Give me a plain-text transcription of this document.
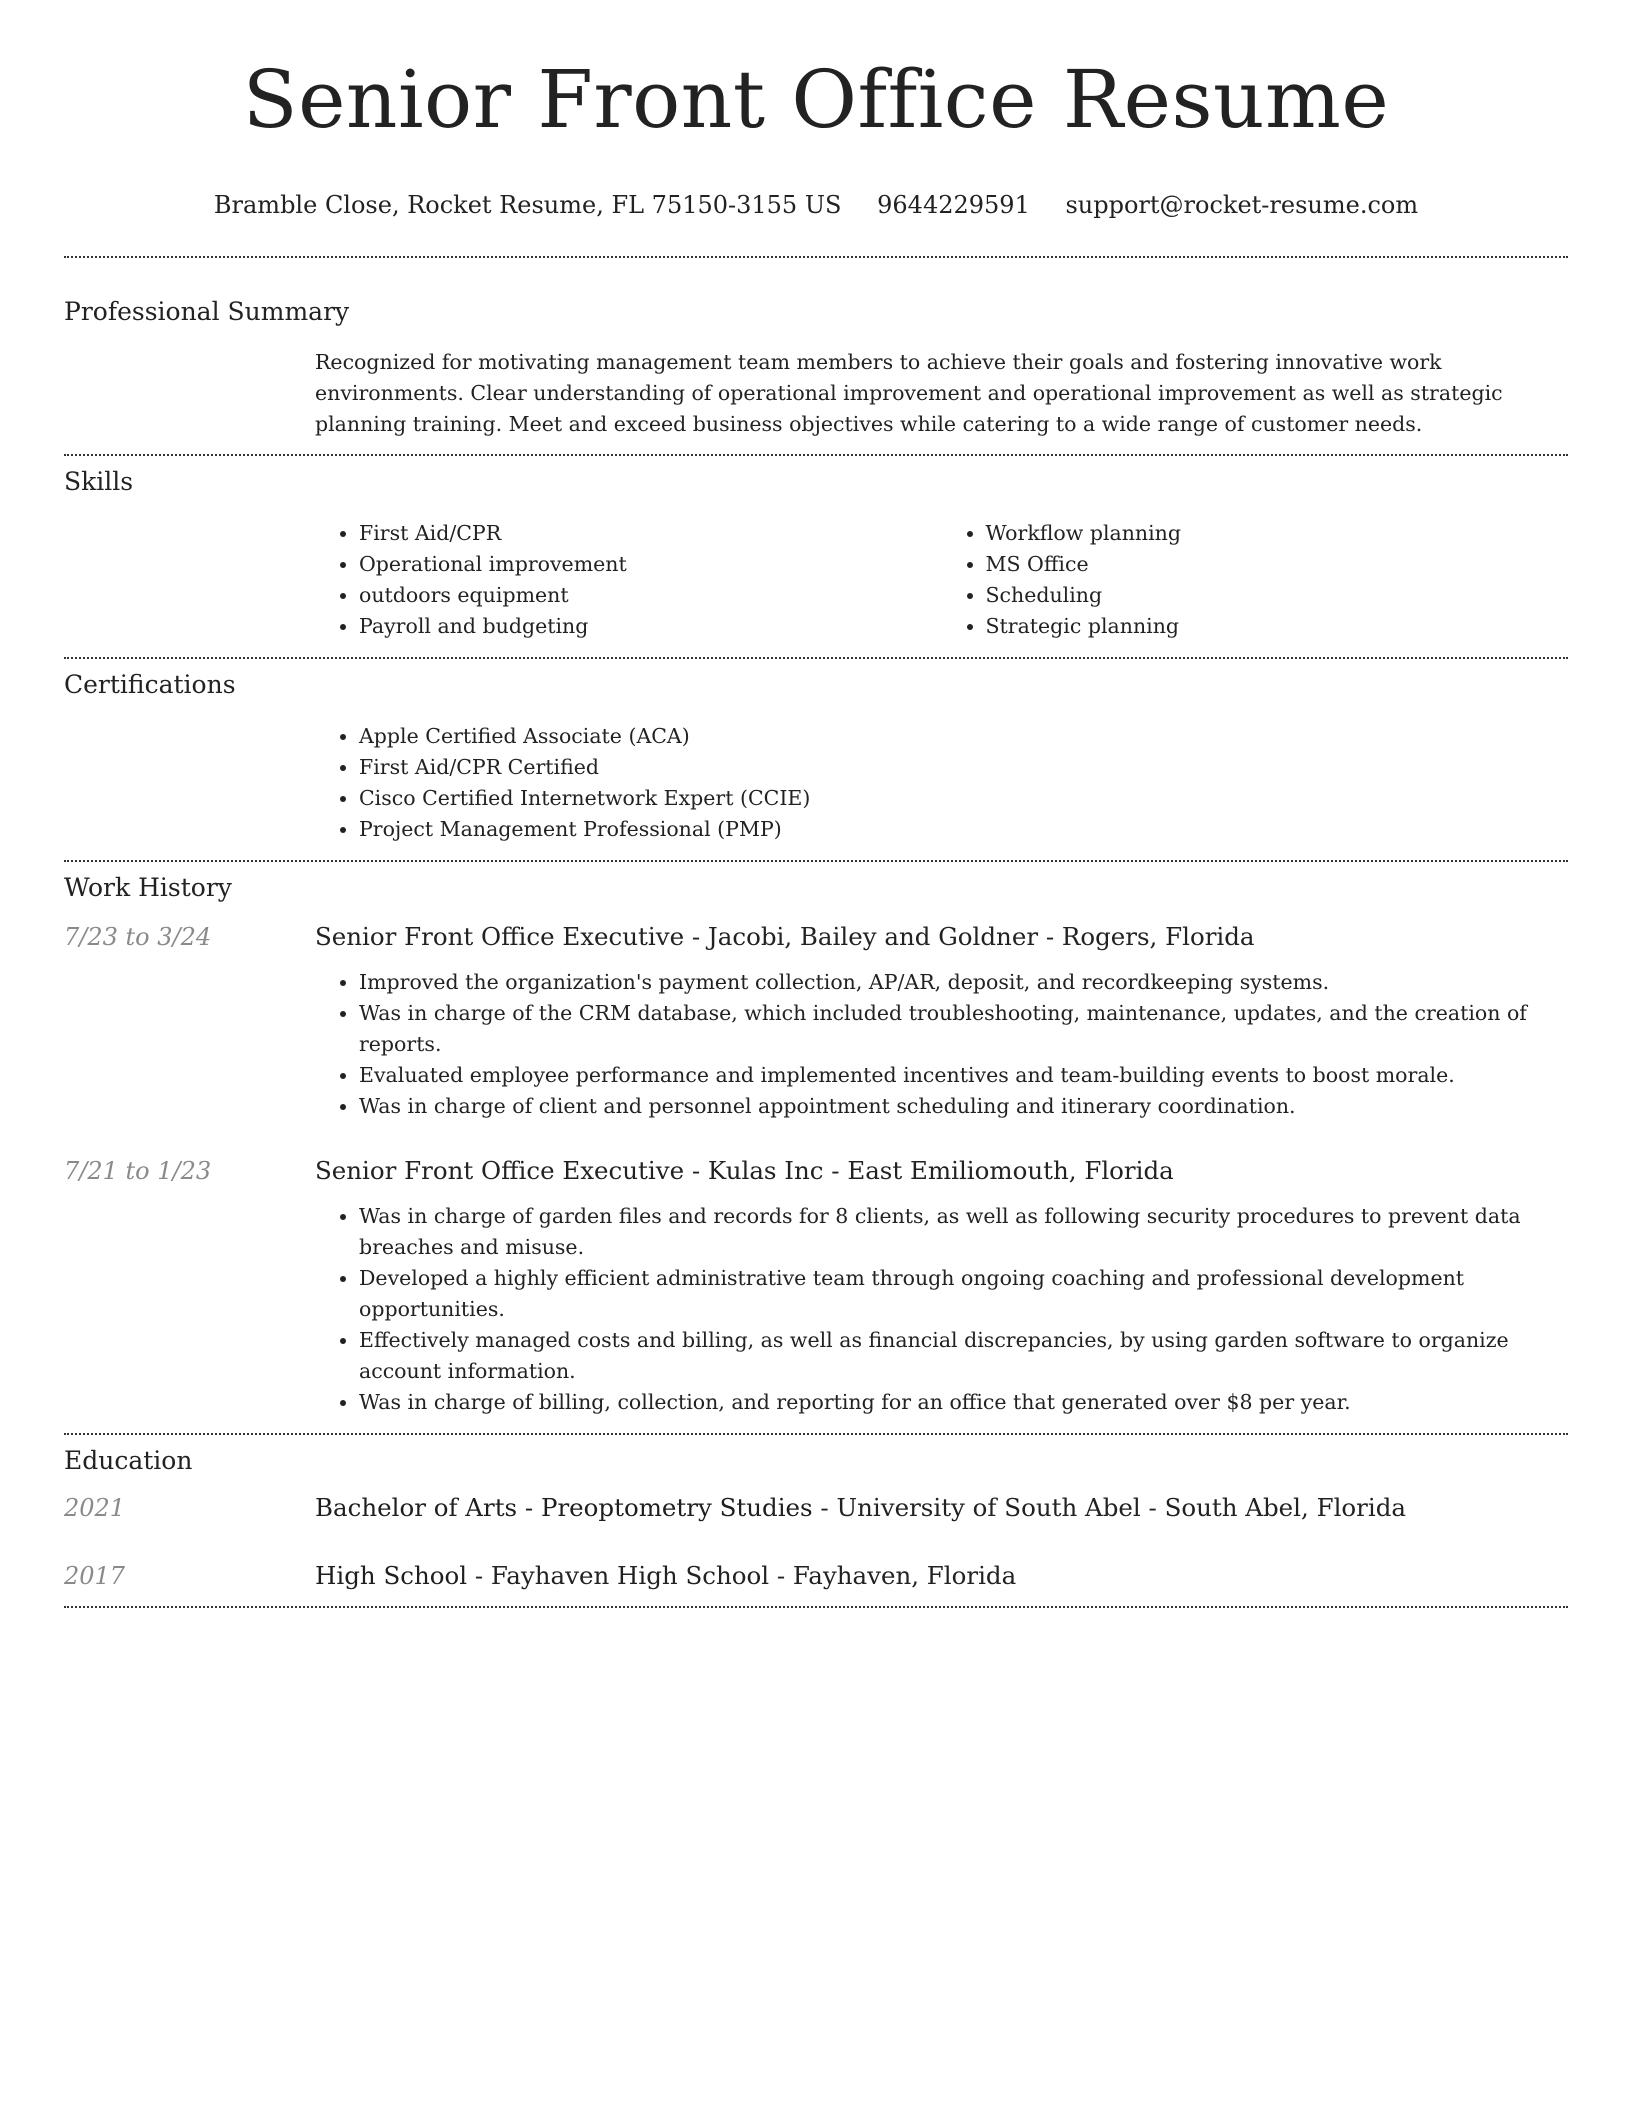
Senior Front Office Resume
Bramble Close, Rocket Resume, FL 75150-3155 US 9644229591 support@rocket-resume.com
Professional Summary
Recognized for motivating management team members to achieve their goals and fostering innovative work environments. Clear understanding of operational improvement and operational improvement as well as strategic planning training. Meet and exceed business objectives while catering to a wide range of customer needs.
Skills
• First Aid/CPR
• Operational improvement
• outdoors equipment
• Payroll and budgeting
• Workflow planning
• MS Office
• Scheduling
• Strategic planning
Certifications
• Apple Certified Associate (ACA)
• First Aid/CPR Certified
• Cisco Certified Internetwork Expert (CCIE)
• Project Management Professional (PMP)
Work History
7/23 to 3/24	Senior Front Office Executive - Jacobi, Bailey and Goldner - Rogers, Florida
• Improved the organization's payment collection, AP/AR, deposit, and recordkeeping systems.
• Was in charge of the CRM database, which included troubleshooting, maintenance, updates, and the creation of reports.
• Evaluated employee performance and implemented incentives and team-building events to boost morale.
• Was in charge of client and personnel appointment scheduling and itinerary coordination.
7/21 to 1/23	Senior Front Office Executive - Kulas Inc - East Emiliomouth, Florida
• Was in charge of garden files and records for 8 clients, as well as following security procedures to prevent data breaches and misuse.
• Developed a highly efficient administrative team through ongoing coaching and professional development opportunities.
• Effectively managed costs and billing, as well as financial discrepancies, by using garden software to organize account information.
• Was in charge of billing, collection, and reporting for an office that generated over $8 per year.
Education
2021	Bachelor of Arts - Preoptometry Studies - University of South Abel - South Abel, Florida
2017	High School - Fayhaven High School - Fayhaven, Florida
